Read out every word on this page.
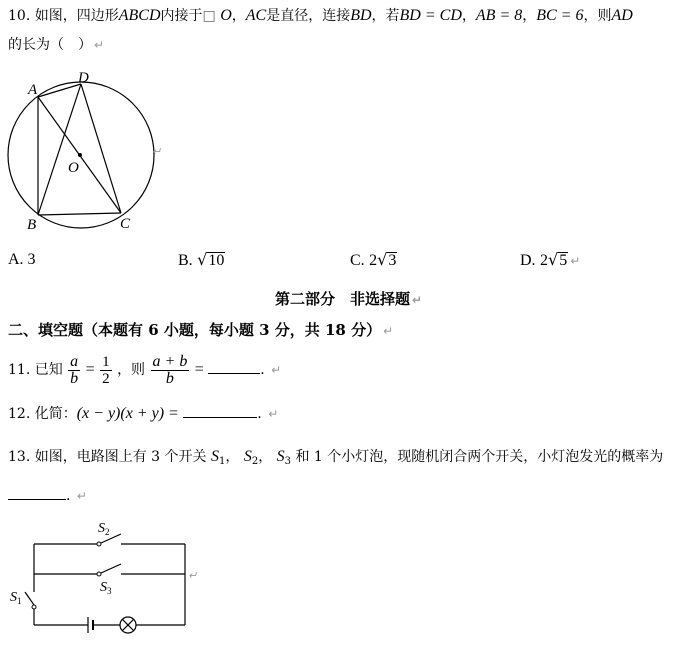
10. 如图，四边形ABCD内接于□ O，AC是直径，连接BD，若BD = CD，AB = 8，BC = 6，则AD
的长为（　） ↵
A
D
O
B	C
↵
A. 3	B. √10	C. 2√3	D. 2√5 ↵
第二部分　非选择题 ↵
二、填空题（本题有 6 小题，每小题 3 分，共 18 分） ↵
11. 已知 $\frac{a}{b} = \frac{1}{2}$ ，则 $\frac{a + b}{b}$ =	. ↵
12. 化简：(x − y)(x + y) =	. ↵
13. 如图，电路图上有 3 个开关 $S_1$， $S_2$， $S_3$ 和 1 个小灯泡，现随机闭合两个开关，小灯泡发光的概率为
. ↵
$S_2$
$S_3$
$S_1$
↵
